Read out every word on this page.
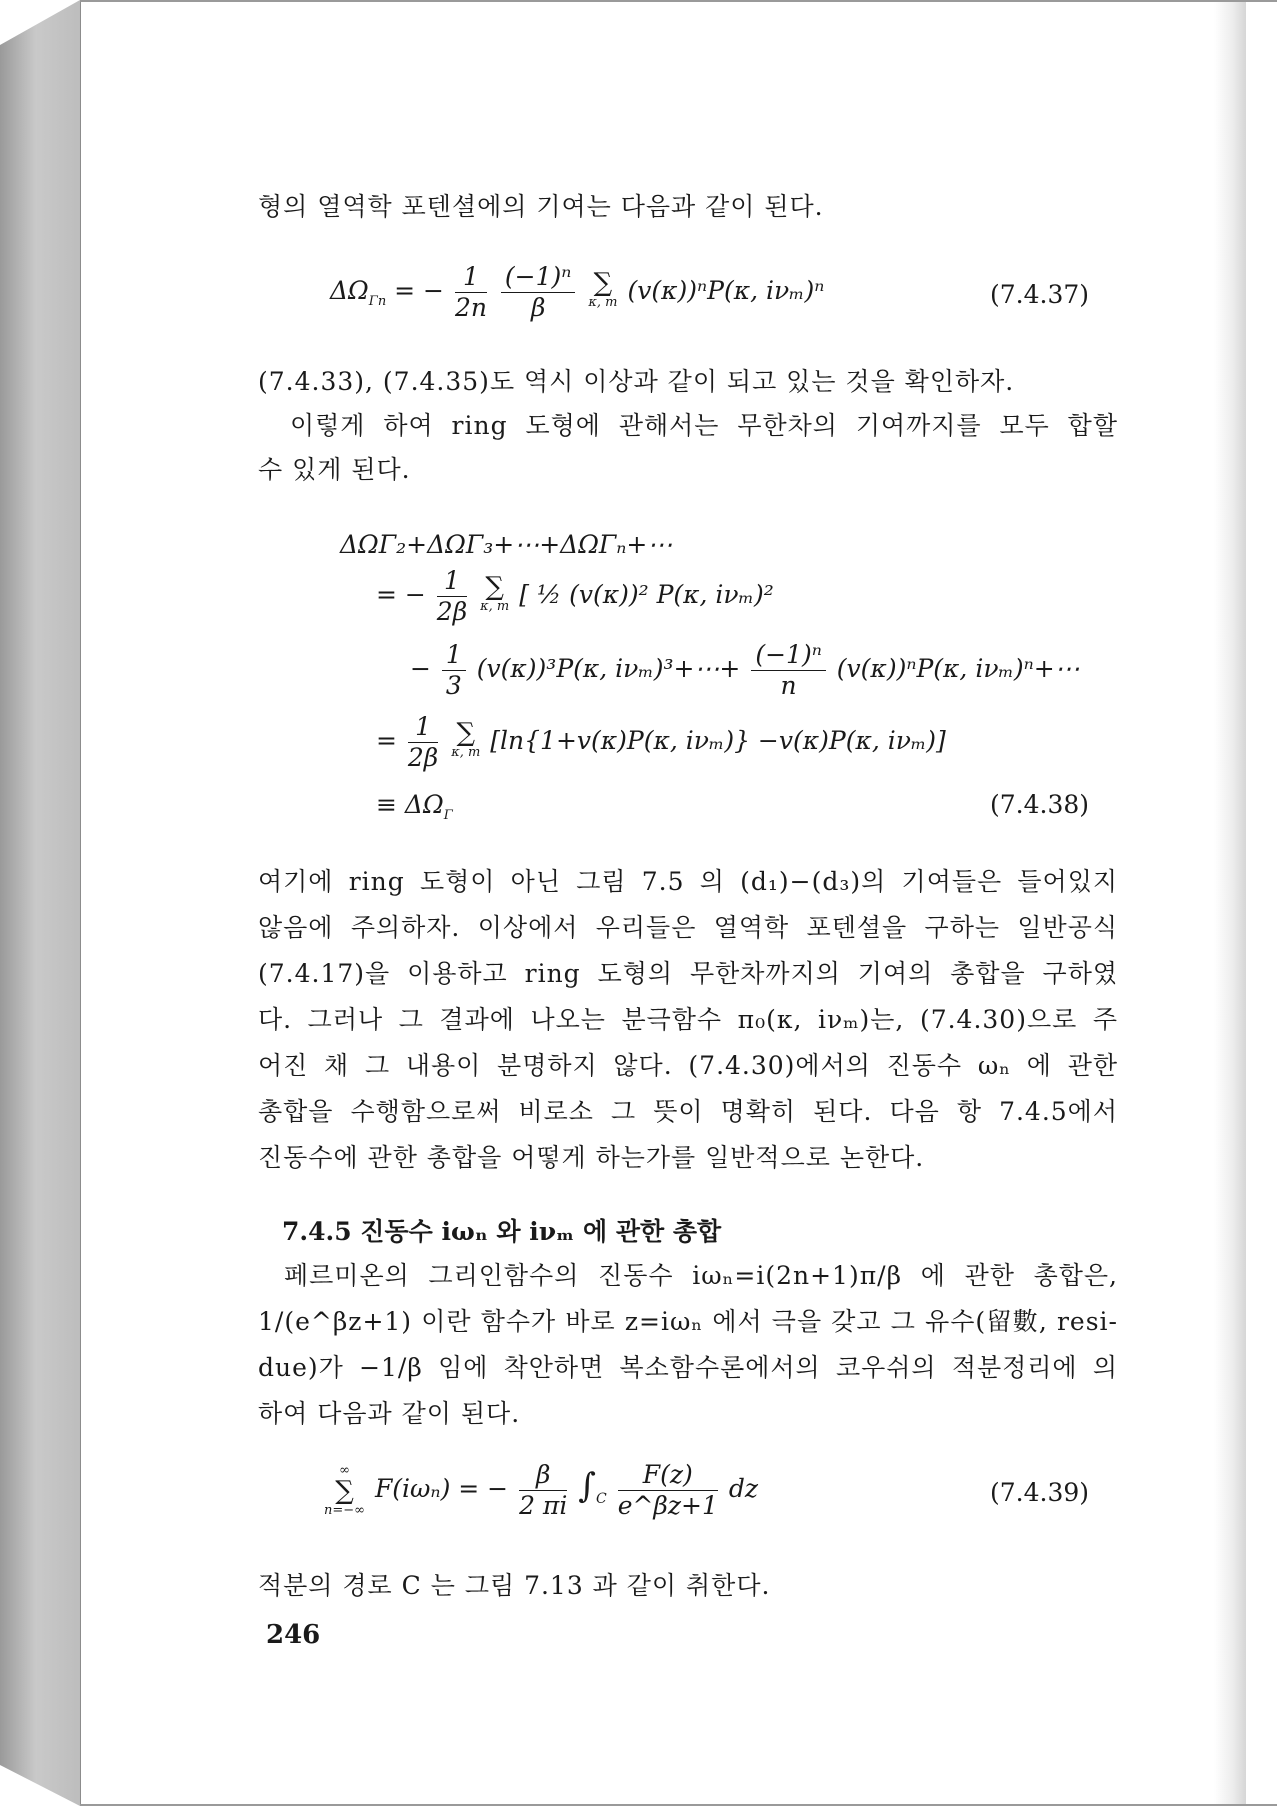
형의 열역학 포텐셜에의 기여는 다음과 같이 된다.
$\Delta\Omega_{\Gamma n}$ = − $\frac{1}{2n}$
$\frac{\text{(−1)ⁿ}}{\beta}$
∑
κ, m (v(κ))ⁿP(κ, iνₘ)ⁿ	(7.4.37)
(7.4.33), (7.4.35)도 역시 이상과 같이 되고 있는 것을 확인하자.
이렇게 하여 ring 도형에 관해서는 무한차의 기여까지를 모두 합할
수 있게 된다.
ΔΩΓ₂+ΔΩΓ₃+⋯+ΔΩΓₙ+⋯
= − $\frac{1}{2\beta}$
∑
κ, m [ ½ (v(κ))² P(κ, iνₘ)²
− $\frac{1}{3} (v(\kappa))^3P(\kappa$, iνₘ)³+⋯+ $\frac{\text{(−1)ⁿ}}{n} (v(\kappa))^nP(\kappa$, iνₘ)ⁿ+⋯
= $\frac{1}{2\beta}$
∑
κ, m [ln{1+v(κ)P(κ, iνₘ)} −v(κ)P(κ, iνₘ)]
≡ $\Delta\Omega_\Gamma$	(7.4.38)
여기에 ring 도형이 아닌 그림 7.5 의 (d₁)−(d₃)의 기여들은 들어있지
않음에 주의하자. 이상에서 우리들은 열역학 포텐셜을 구하는 일반공식
(7.4.17)을 이용하고 ring 도형의 무한차까지의 기여의 총합을 구하였
다. 그러나 그 결과에 나오는 분극함수 π₀(κ, iνₘ)는, (7.4.30)으로 주
어진 채 그 내용이 분명하지 않다. (7.4.30)에서의 진동수 ωₙ 에 관한
총합을 수행함으로써 비로소 그 뜻이 명확히 된다. 다음 항 7.4.5에서
진동수에 관한 총합을 어떻게 하는가를 일반적으로 논한다.
7.4.5 진동수 iωₙ 와 iνₘ 에 관한 총합
페르미온의 그리인함수의 진동수 iωₙ=i(2n+1)π/β 에 관한 총합은,
1/(e^βz+1) 이란 함수가 바로 z=iωₙ 에서 극을 갖고 그 유수(留數, resi-
due)가 −1/β 임에 착안하면 복소함수론에서의 코우쉬의 적분정리에 의
하여 다음과 같이 된다.
∞
∑
n=−∞
F(iωₙ) = − $\frac{\beta}{2 \pi i} \int_C \frac{F(z)}{e\^{}\beta z+1}$ dz	(7.4.39)
적분의 경로 C 는 그림 7.13 과 같이 취한다.
246
